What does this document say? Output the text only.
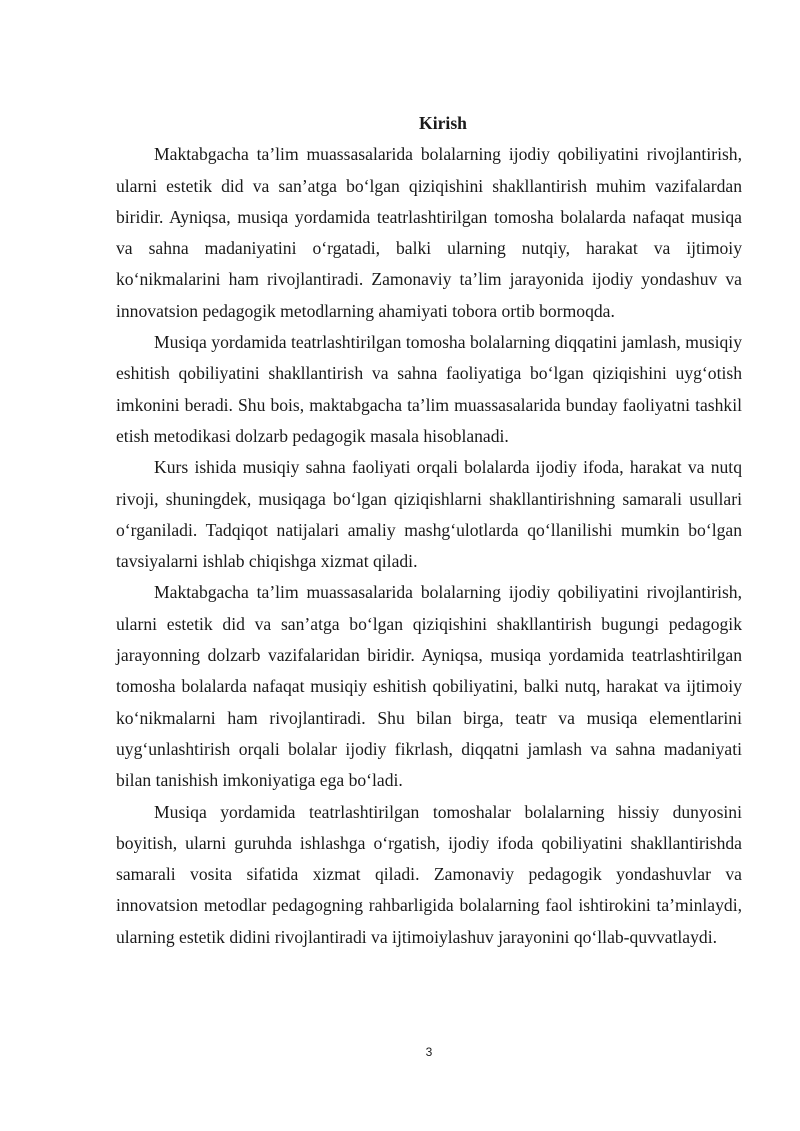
Kirish

Maktabgacha ta’lim muassasalarida bolalarning ijodiy qobiliyatini rivojlantirish, ularni estetik did va san’atga bo‘lgan qiziqishini shakllantirish muhim vazifalardan biridir. Ayniqsa, musiqa yordamida teatrlashtirilgan tomosha bolalarda nafaqat musiqa va sahna madaniyatini o‘rgatadi, balki ularning nutqiy, harakat va ijtimoiy ko‘nikmalarini ham rivojlantiradi. Zamonaviy ta’lim jarayonida ijodiy yondashuv va innovatsion pedagogik metodlarning ahamiyati tobora ortib bormoqda.

Musiqa yordamida teatrlashtirilgan tomosha bolalarning diqqatini jamlash, musiqiy eshitish qobiliyatini shakllantirish va sahna faoliyatiga bo‘lgan qiziqishini uyg‘otish imkonini beradi. Shu bois, maktabgacha ta’lim muassasalarida bunday faoliyatni tashkil etish metodikasi dolzarb pedagogik masala hisoblanadi.

Kurs ishida musiqiy sahna faoliyati orqali bolalarda ijodiy ifoda, harakat va nutq rivoji, shuningdek, musiqaga bo‘lgan qiziqishlarni shakllantirishning samarali usullari o‘rganiladi. Tadqiqot natijalari amaliy mashg‘ulotlarda qo‘llanilishi mumkin bo‘lgan tavsiyalarni ishlab chiqishga xizmat qiladi.

Maktabgacha ta’lim muassasalarida bolalarning ijodiy qobiliyatini rivojlantirish, ularni estetik did va san’atga bo‘lgan qiziqishini shakllantirish bugungi pedagogik jarayonning dolzarb vazifalaridan biridir. Ayniqsa, musiqa yordamida teatrlashtirilgan tomosha bolalarda nafaqat musiqiy eshitish qobiliyatini, balki nutq, harakat va ijtimoiy ko‘nikmalarni ham rivojlantiradi. Shu bilan birga, teatr va musiqa elementlarini uyg‘unlashtirish orqali bolalar ijodiy fikrlash, diqqatni jamlash va sahna madaniyati bilan tanishish imkoniyatiga ega bo‘ladi.

Musiqa yordamida teatrlashtirilgan tomoshalar bolalarning hissiy dunyosini boyitish, ularni guruhda ishlashga o‘rgatish, ijodiy ifoda qobiliyatini shakllantirishda samarali vosita sifatida xizmat qiladi. Zamonaviy pedagogik yondashuvlar va innovatsion metodlar pedagogning rahbarligida bolalarning faol ishtirokini ta’minlaydi, ularning estetik didini rivojlantiradi va ijtimoiylashuv jarayonini qo‘llab-quvvatlaydi.

3
